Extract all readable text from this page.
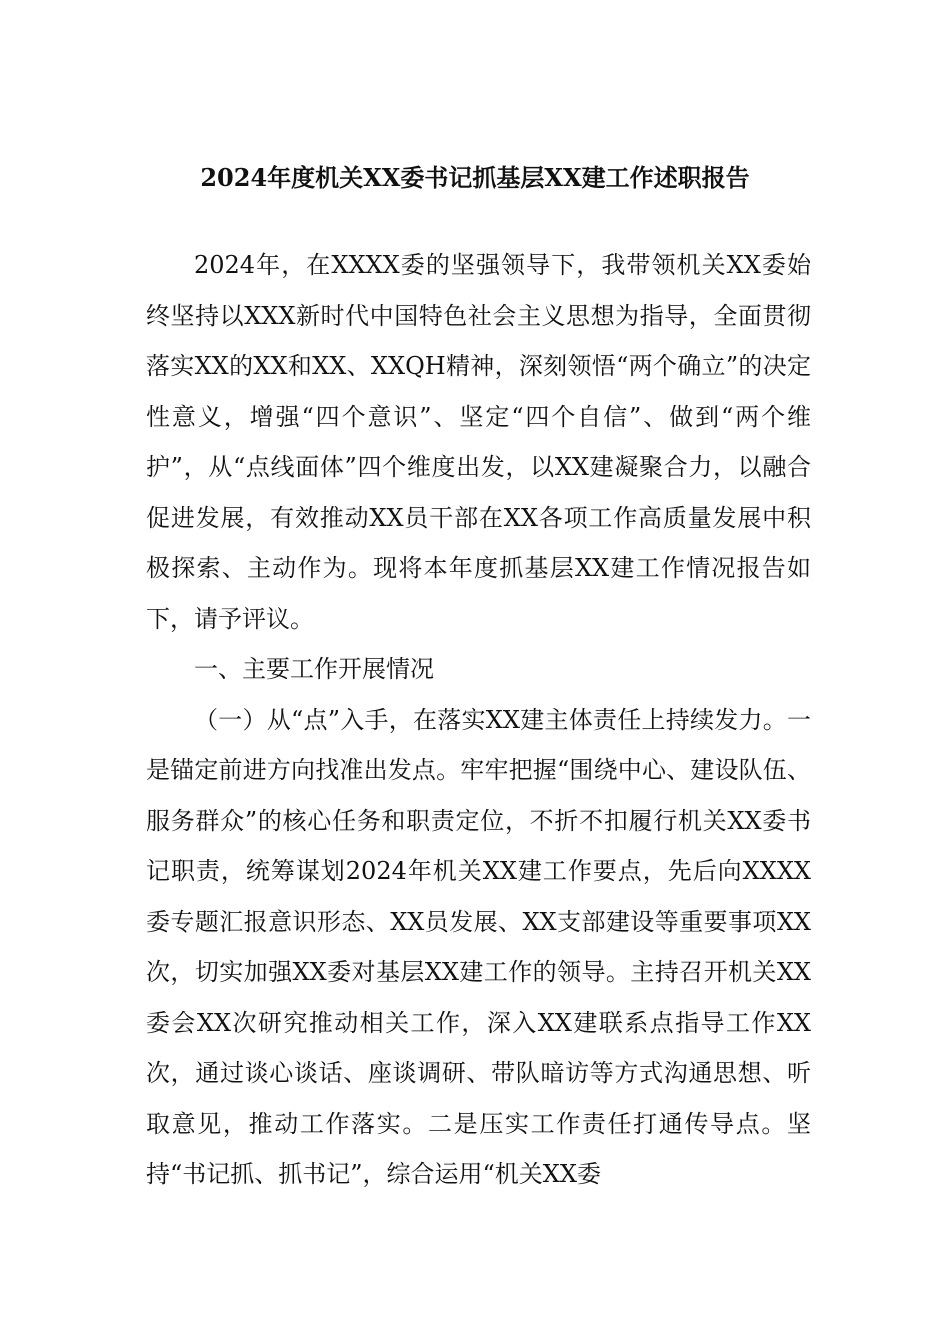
2024年度机关XX委书记抓基层XX建工作述职报告

2024年，在XXXX委的坚强领导下，我带领机关XX委始终坚持以XXX新时代中国特色社会主义思想为指导，全面贯彻落实XX的XX和XX、XXQH精神，深刻领悟“两个确立”的决定性意义，增强“四个意识”、坚定“四个自信”、做到“两个维护”，从“点线面体”四个维度出发，以XX建凝聚合力，以融合促进发展，有效推动XX员干部在XX各项工作高质量发展中积极探索、主动作为。现将本年度抓基层XX建工作情况报告如下，请予评议。

一、主要工作开展情况

（一）从“点”入手，在落实XX建主体责任上持续发力。一是锚定前进方向找准出发点。牢牢把握“围绕中心、建设队伍、服务群众”的核心任务和职责定位，不折不扣履行机关XX委书记职责，统筹谋划2024年机关XX建工作要点，先后向XXXX委专题汇报意识形态、XX员发展、XX支部建设等重要事项XX次，切实加强XX委对基层XX建工作的领导。主持召开机关XX委会XX次研究推动相关工作，深入XX建联系点指导工作XX次，通过谈心谈话、座谈调研、带队暗访等方式沟通思想、听取意见，推动工作落实。二是压实工作责任打通传导点。坚持“书记抓、抓书记”，综合运用“机关XX委
